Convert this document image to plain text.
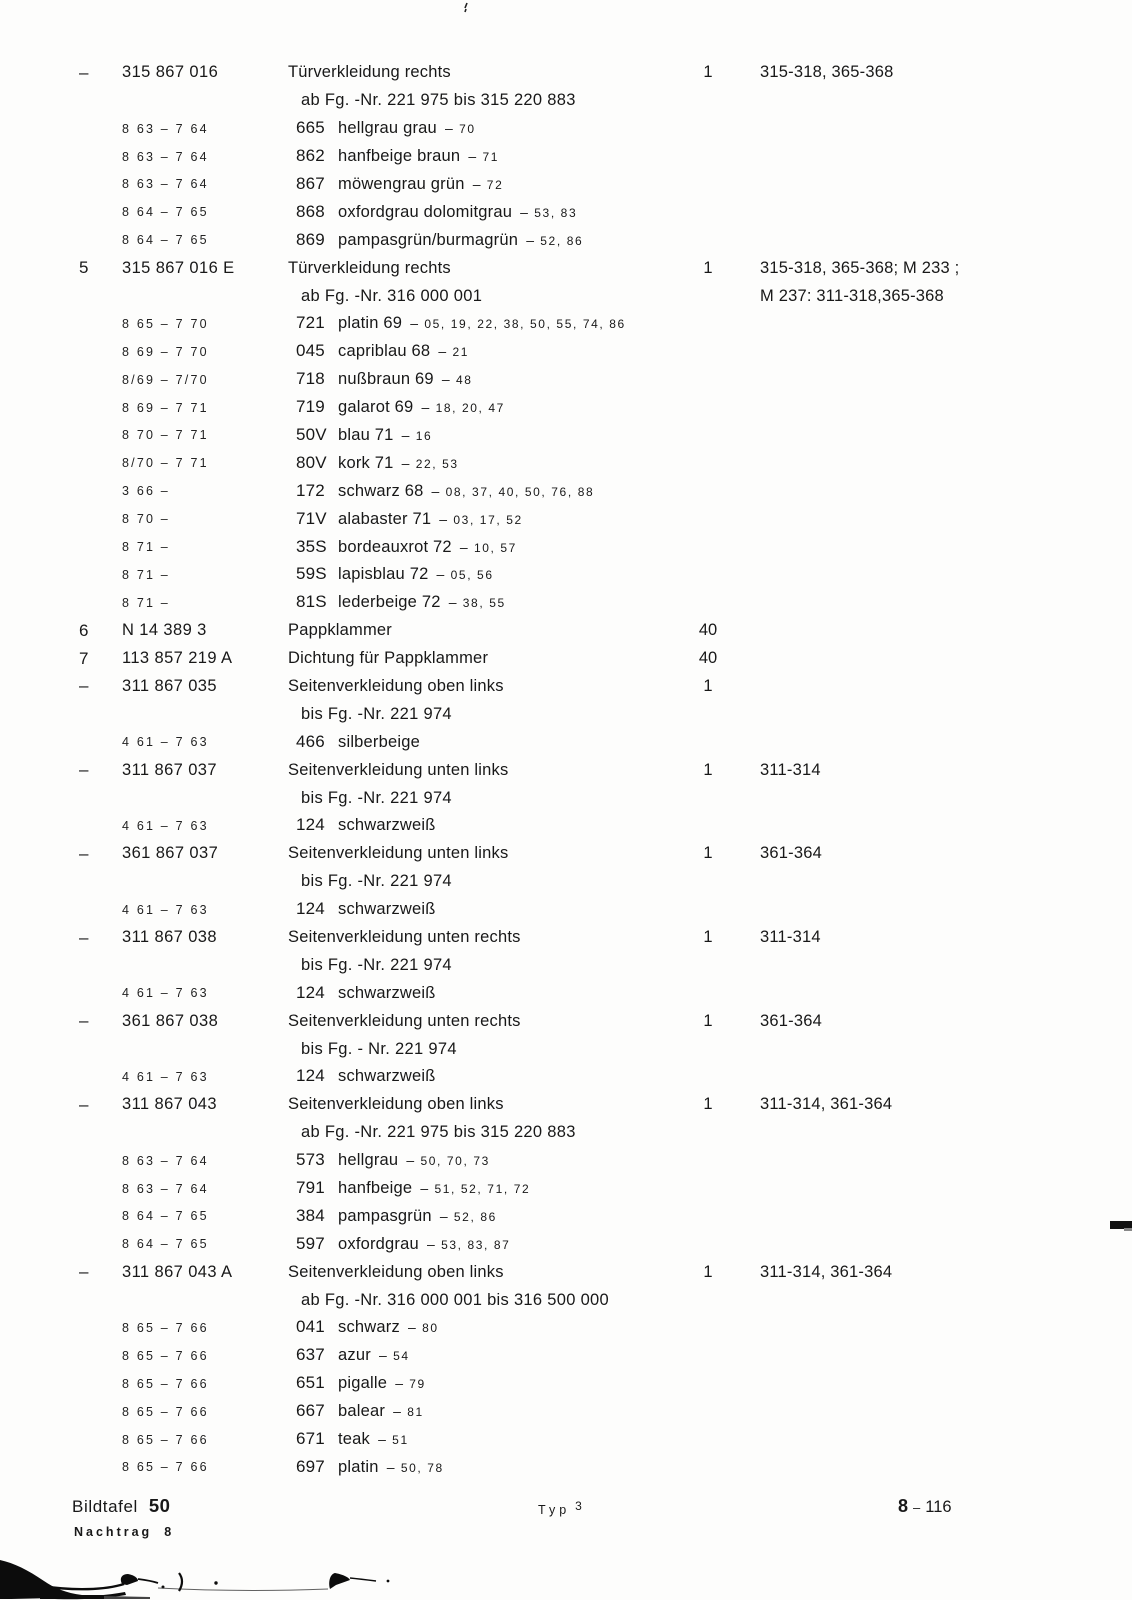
– 315 867 016	Türverkleidung rechts	1	315-318, 365-368
ab Fg. -Nr. 221 975 bis 315 220 883
8 63 – 7 64	665 hellgrau grau – 70
8 63 – 7 64	862 hanfbeige braun – 71
8 63 – 7 64	867 möwengrau grün – 72
8 64 – 7 65	868 oxfordgrau dolomitgrau – 53, 83
8 64 – 7 65	869 pampasgrün/burmagrün – 52, 86
5 315 867 016 E	Türverkleidung rechts	1	315-318, 365-368; M 233 ;
ab Fg. -Nr. 316 000 001	M 237: 311-318,365-368
8 65 – 7 70	721 platin 69 – 05, 19, 22, 38, 50, 55, 74, 86
8 69 – 7 70	045 capriblau 68 – 21
8/69 – 7/70	718 nußbraun 69 – 48
8 69 – 7 71	719 galarot 69 – 18, 20, 47
8 70 – 7 71	50V blau 71 – 16
8/70 – 7 71	80V kork 71 – 22, 53
3 66 –	172 schwarz 68 – 08, 37, 40, 50, 76, 88
8 70 –	71V alabaster 71 – 03, 17, 52
8 71 –	35S bordeauxrot 72 – 10, 57
8 71 –	59S lapisblau 72 – 05, 56
8 71 –	81S lederbeige 72 – 38, 55
6 N 14 389 3	Pappklammer	40
7 113 857 219 A	Dichtung für Pappklammer	40
– 311 867 035	Seitenverkleidung oben links	1
bis Fg. -Nr. 221 974
4 61 – 7 63	466 silberbeige
– 311 867 037	Seitenverkleidung unten links	1	311-314
bis Fg. -Nr. 221 974
4 61 – 7 63	124 schwarzweiß
– 361 867 037	Seitenverkleidung unten links	1	361-364
bis Fg. -Nr. 221 974
4 61 – 7 63	124 schwarzweiß
– 311 867 038	Seitenverkleidung unten rechts	1	311-314
bis Fg. -Nr. 221 974
4 61 – 7 63	124 schwarzweiß
– 361 867 038	Seitenverkleidung unten rechts	1	361-364
bis Fg. - Nr. 221 974
4 61 – 7 63	124 schwarzweiß
– 311 867 043	Seitenverkleidung oben links	1	311-314, 361-364
ab Fg. -Nr. 221 975 bis 315 220 883
8 63 – 7 64	573 hellgrau – 50, 70, 73
8 63 – 7 64	791 hanfbeige – 51, 52, 71, 72
8 64 – 7 65	384 pampasgrün – 52, 86
8 64 – 7 65	597 oxfordgrau – 53, 83, 87
– 311 867 043 A	Seitenverkleidung oben links	1	311-314, 361-364
ab Fg. -Nr. 316 000 001 bis 316 500 000
8 65 – 7 66	041 schwarz – 80
8 65 – 7 66	637 azur – 54
8 65 – 7 66	651 pigalle – 79
8 65 – 7 66	667 balear – 81
8 65 – 7 66	671 teak – 51
8 65 – 7 66	697 platin – 50, 78
Bildtafel 50
Nachtrag 8
Typ 3	8 – 116
